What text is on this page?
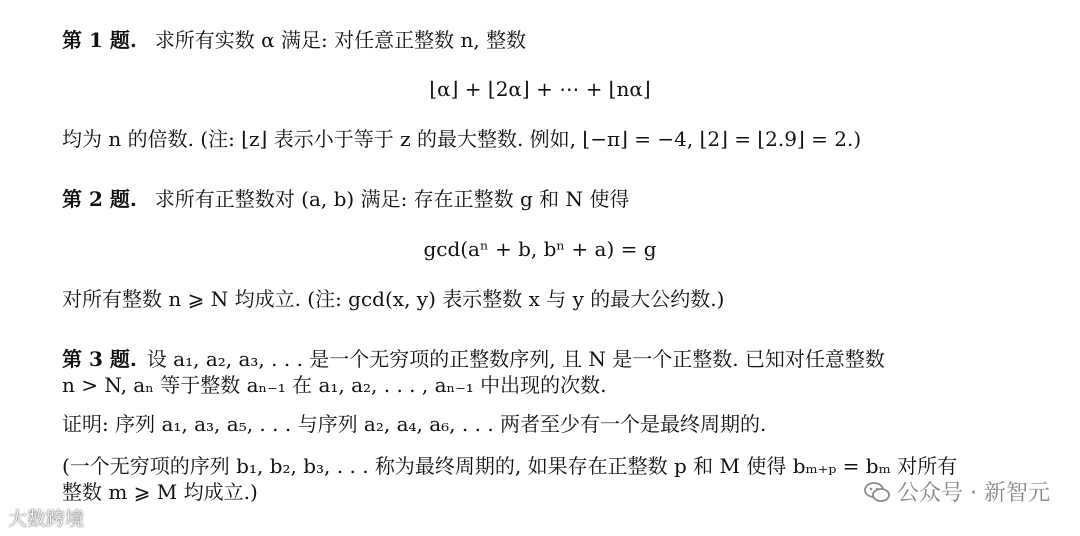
第 1 题. 求所有实数 α 满足: 对任意正整数 n, 整数
⌊α⌋ + ⌊2α⌋ + ⋯ + ⌊nα⌋
均为 n 的倍数. (注: ⌊z⌋ 表示小于等于 z 的最大整数. 例如, ⌊−π⌋ = −4, ⌊2⌋ = ⌊2.9⌋ = 2.)
第 2 题. 求所有正整数对 (a, b) 满足: 存在正整数 g 和 N 使得
gcd(aⁿ + b, bⁿ + a) = g
对所有整数 n ⩾ N 均成立. (注: gcd(x, y) 表示整数 x 与 y 的最大公约数.)
第 3 题. 设 a₁, a₂, a₃, . . . 是一个无穷项的正整数序列, 且 N 是一个正整数. 已知对任意整数
n > N, aₙ 等于整数 aₙ₋₁ 在 a₁, a₂, . . . , aₙ₋₁ 中出现的次数.
证明: 序列 a₁, a₃, a₅, . . . 与序列 a₂, a₄, a₆, . . . 两者至少有一个是最终周期的.
(一个无穷项的序列 b₁, b₂, b₃, . . . 称为最终周期的, 如果存在正整数 p 和 M 使得 bₘ₊ₚ = bₘ 对所有
整数 m ⩾ M 均成立.)
大数跨境
公众号 · 新智元
